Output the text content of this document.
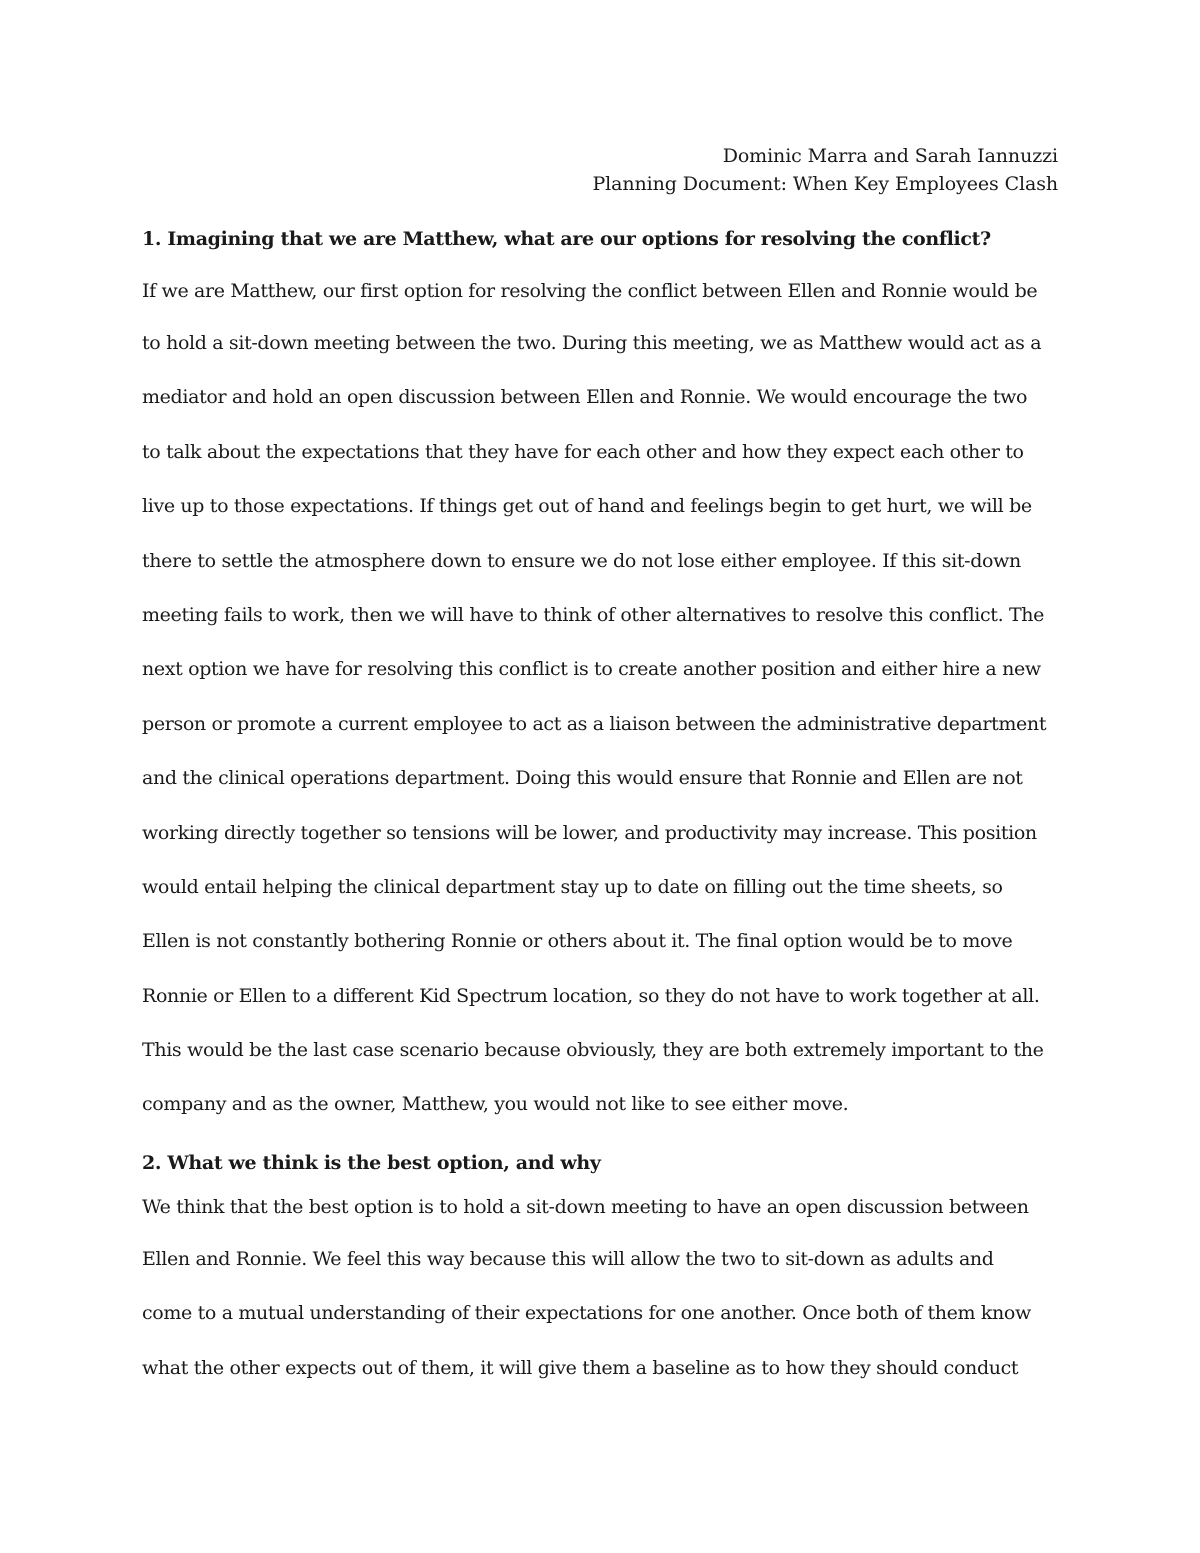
Dominic Marra and Sarah Iannuzzi
Planning Document: When Key Employees Clash
1. Imagining that we are Matthew, what are our options for resolving the conflict?
If we are Matthew, our first option for resolving the conflict between Ellen and Ronnie would be
to hold a sit-down meeting between the two. During this meeting, we as Matthew would act as a
mediator and hold an open discussion between Ellen and Ronnie. We would encourage the two
to talk about the expectations that they have for each other and how they expect each other to
live up to those expectations. If things get out of hand and feelings begin to get hurt, we will be
there to settle the atmosphere down to ensure we do not lose either employee. If this sit-down
meeting fails to work, then we will have to think of other alternatives to resolve this conflict. The
next option we have for resolving this conflict is to create another position and either hire a new
person or promote a current employee to act as a liaison between the administrative department
and the clinical operations department. Doing this would ensure that Ronnie and Ellen are not
working directly together so tensions will be lower, and productivity may increase. This position
would entail helping the clinical department stay up to date on filling out the time sheets, so
Ellen is not constantly bothering Ronnie or others about it. The final option would be to move
Ronnie or Ellen to a different Kid Spectrum location, so they do not have to work together at all.
This would be the last case scenario because obviously, they are both extremely important to the
company and as the owner, Matthew, you would not like to see either move.
2. What we think is the best option, and why
We think that the best option is to hold a sit-down meeting to have an open discussion between
Ellen and Ronnie. We feel this way because this will allow the two to sit-down as adults and
come to a mutual understanding of their expectations for one another. Once both of them know
what the other expects out of them, it will give them a baseline as to how they should conduct
